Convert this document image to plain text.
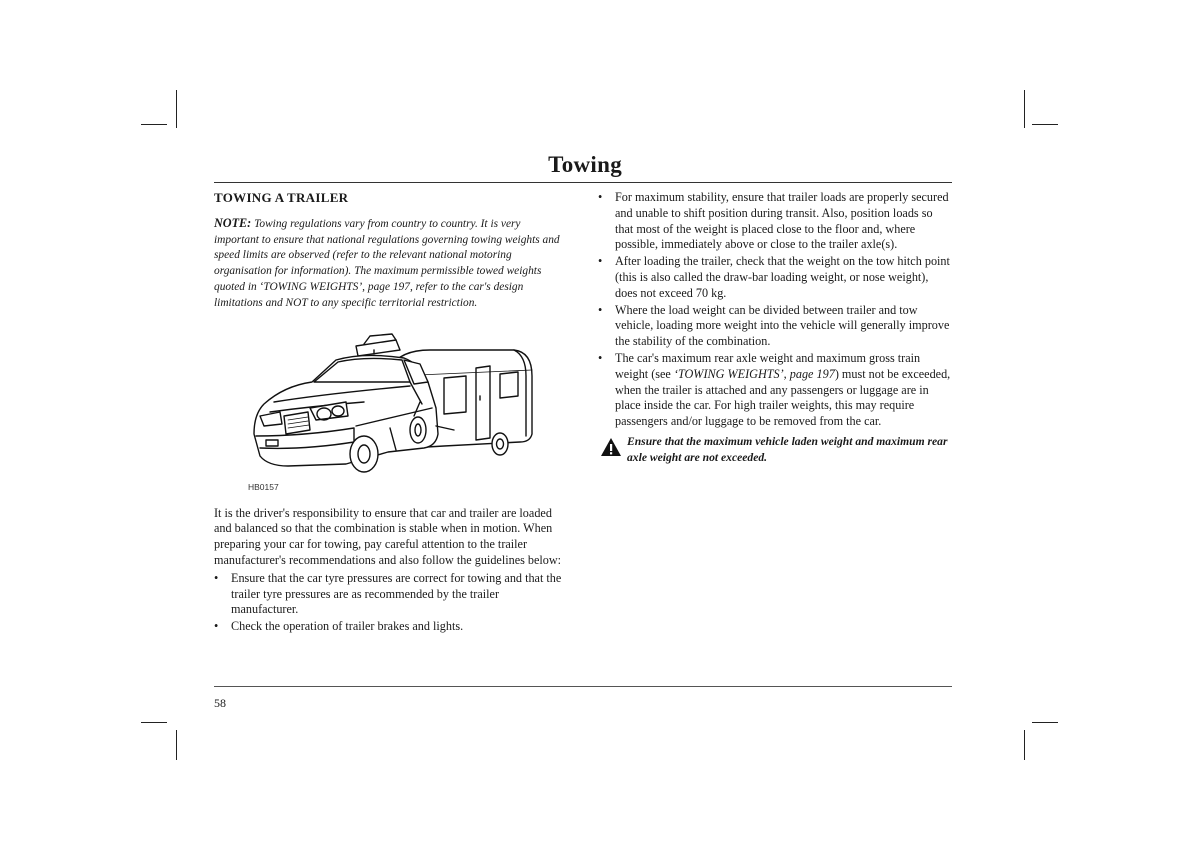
Towing
TOWING A TRAILER

NOTE: Towing regulations vary from country to country. It is very important to ensure that national regulations governing towing weights and speed limits are observed (refer to the relevant national motoring organisation for information). The maximum permissible towed weights quoted in ‘TOWING WEIGHTS’, page 197, refer to the car's design limitations and NOT to any specific territorial restriction.

HB0157

It is the driver's responsibility to ensure that car and trailer are loaded and balanced so that the combination is stable when in motion. When preparing your car for towing, pay careful attention to the trailer manufacturer's recommendations and also follow the guidelines below:

• Ensure that the car tyre pressures are correct for towing and that the trailer tyre pressures are as recommended by the trailer manufacturer.
• Check the operation of trailer brakes and lights.
• For maximum stability, ensure that trailer loads are properly secured and unable to shift position during transit. Also, position loads so that most of the weight is placed close to the floor and, where possible, immediately above or close to the trailer axle(s).
• After loading the trailer, check that the weight on the tow hitch point (this is also called the draw-bar loading weight, or nose weight), does not exceed 70 kg.
• Where the load weight can be divided between trailer and tow vehicle, loading more weight into the vehicle will generally improve the stability of the combination.
• The car's maximum rear axle weight and maximum gross train weight (see ‘TOWING WEIGHTS’, page 197) must not be exceeded, when the trailer is attached and any passengers or luggage are in place inside the car. For high trailer weights, this may require passengers and/or luggage to be removed from the car.
Ensure that the maximum vehicle laden weight and maximum rear axle weight are not exceeded.
58
